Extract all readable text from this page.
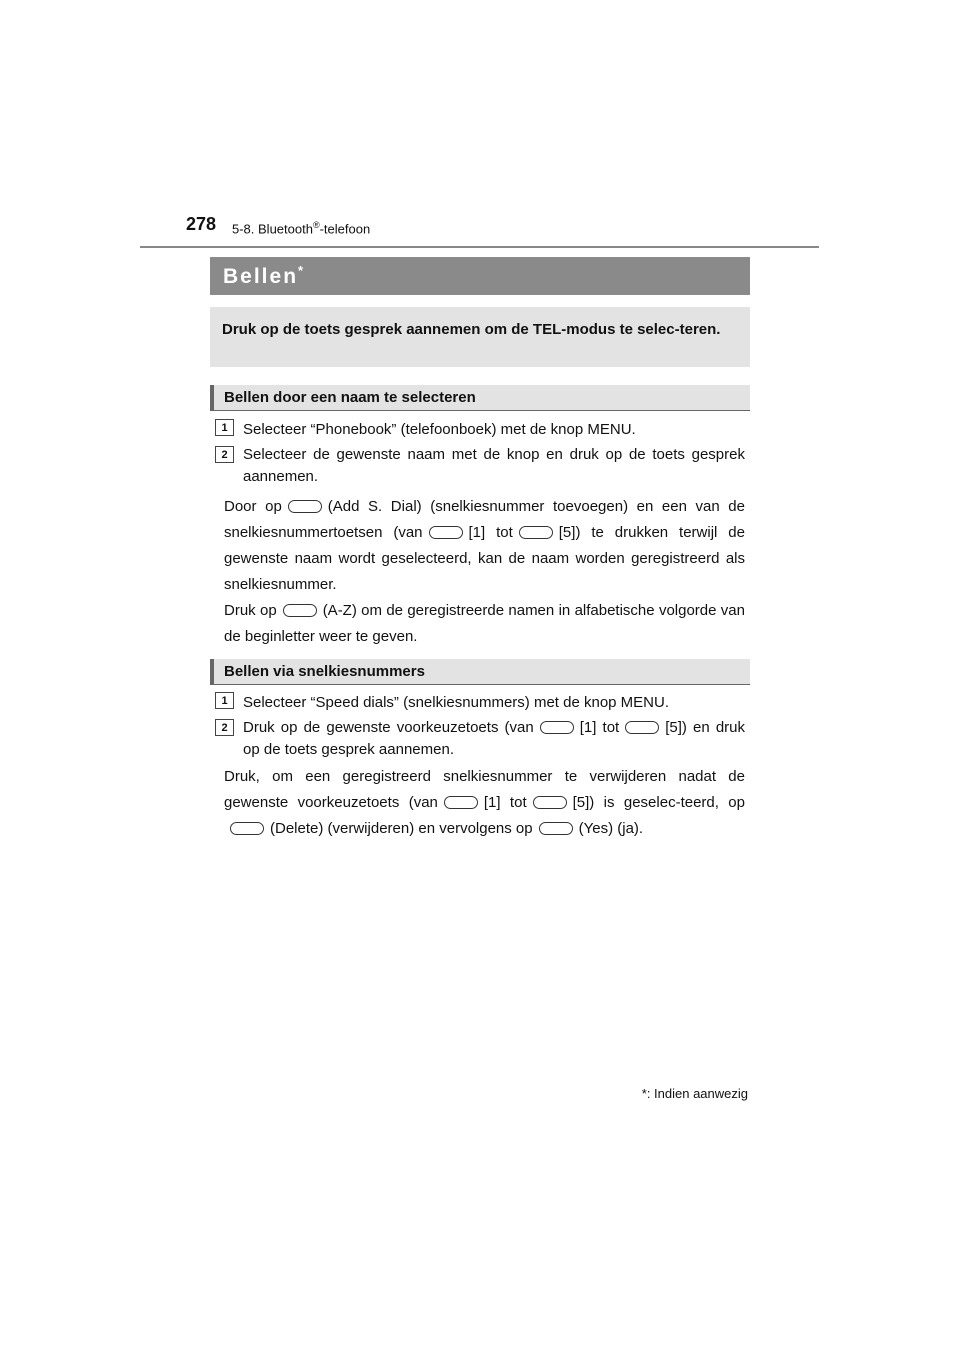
278 5-8. Bluetooth®-telefoon
Bellen*
Druk op de toets gesprek aannemen om de TEL-modus te selec-teren.
Bellen door een naam te selecteren
1	Selecteer “Phonebook” (telefoonboek) met de knop MENU.
2	Selecteer de gewenste naam met de knop en druk op de toets gesprek aannemen.
Door op	(Add S. Dial) (snelkiesnummer toevoegen) en een van de snelkiesnummertoetsen (van	[1] tot	[5]) te drukken terwijl de gewenste naam wordt geselecteerd, kan de naam worden geregistreerd als snelkiesnummer.
Druk op	(A-Z) om de geregistreerde namen in alfabetische volgorde van de beginletter weer te geven.
Bellen via snelkiesnummers
1	Selecteer “Speed dials” (snelkiesnummers) met de knop MENU.
2	Druk op de gewenste voorkeuzetoets (van	[1] tot	[5]) en druk op de toets gesprek aannemen.
Druk, om een geregistreerd snelkiesnummer te verwijderen nadat de gewenste voorkeuzetoets (van	[1] tot	[5]) is geselec-teerd, op(Delete) (verwijderen) en vervolgens op	(Yes) (ja).
*: Indien aanwezig
